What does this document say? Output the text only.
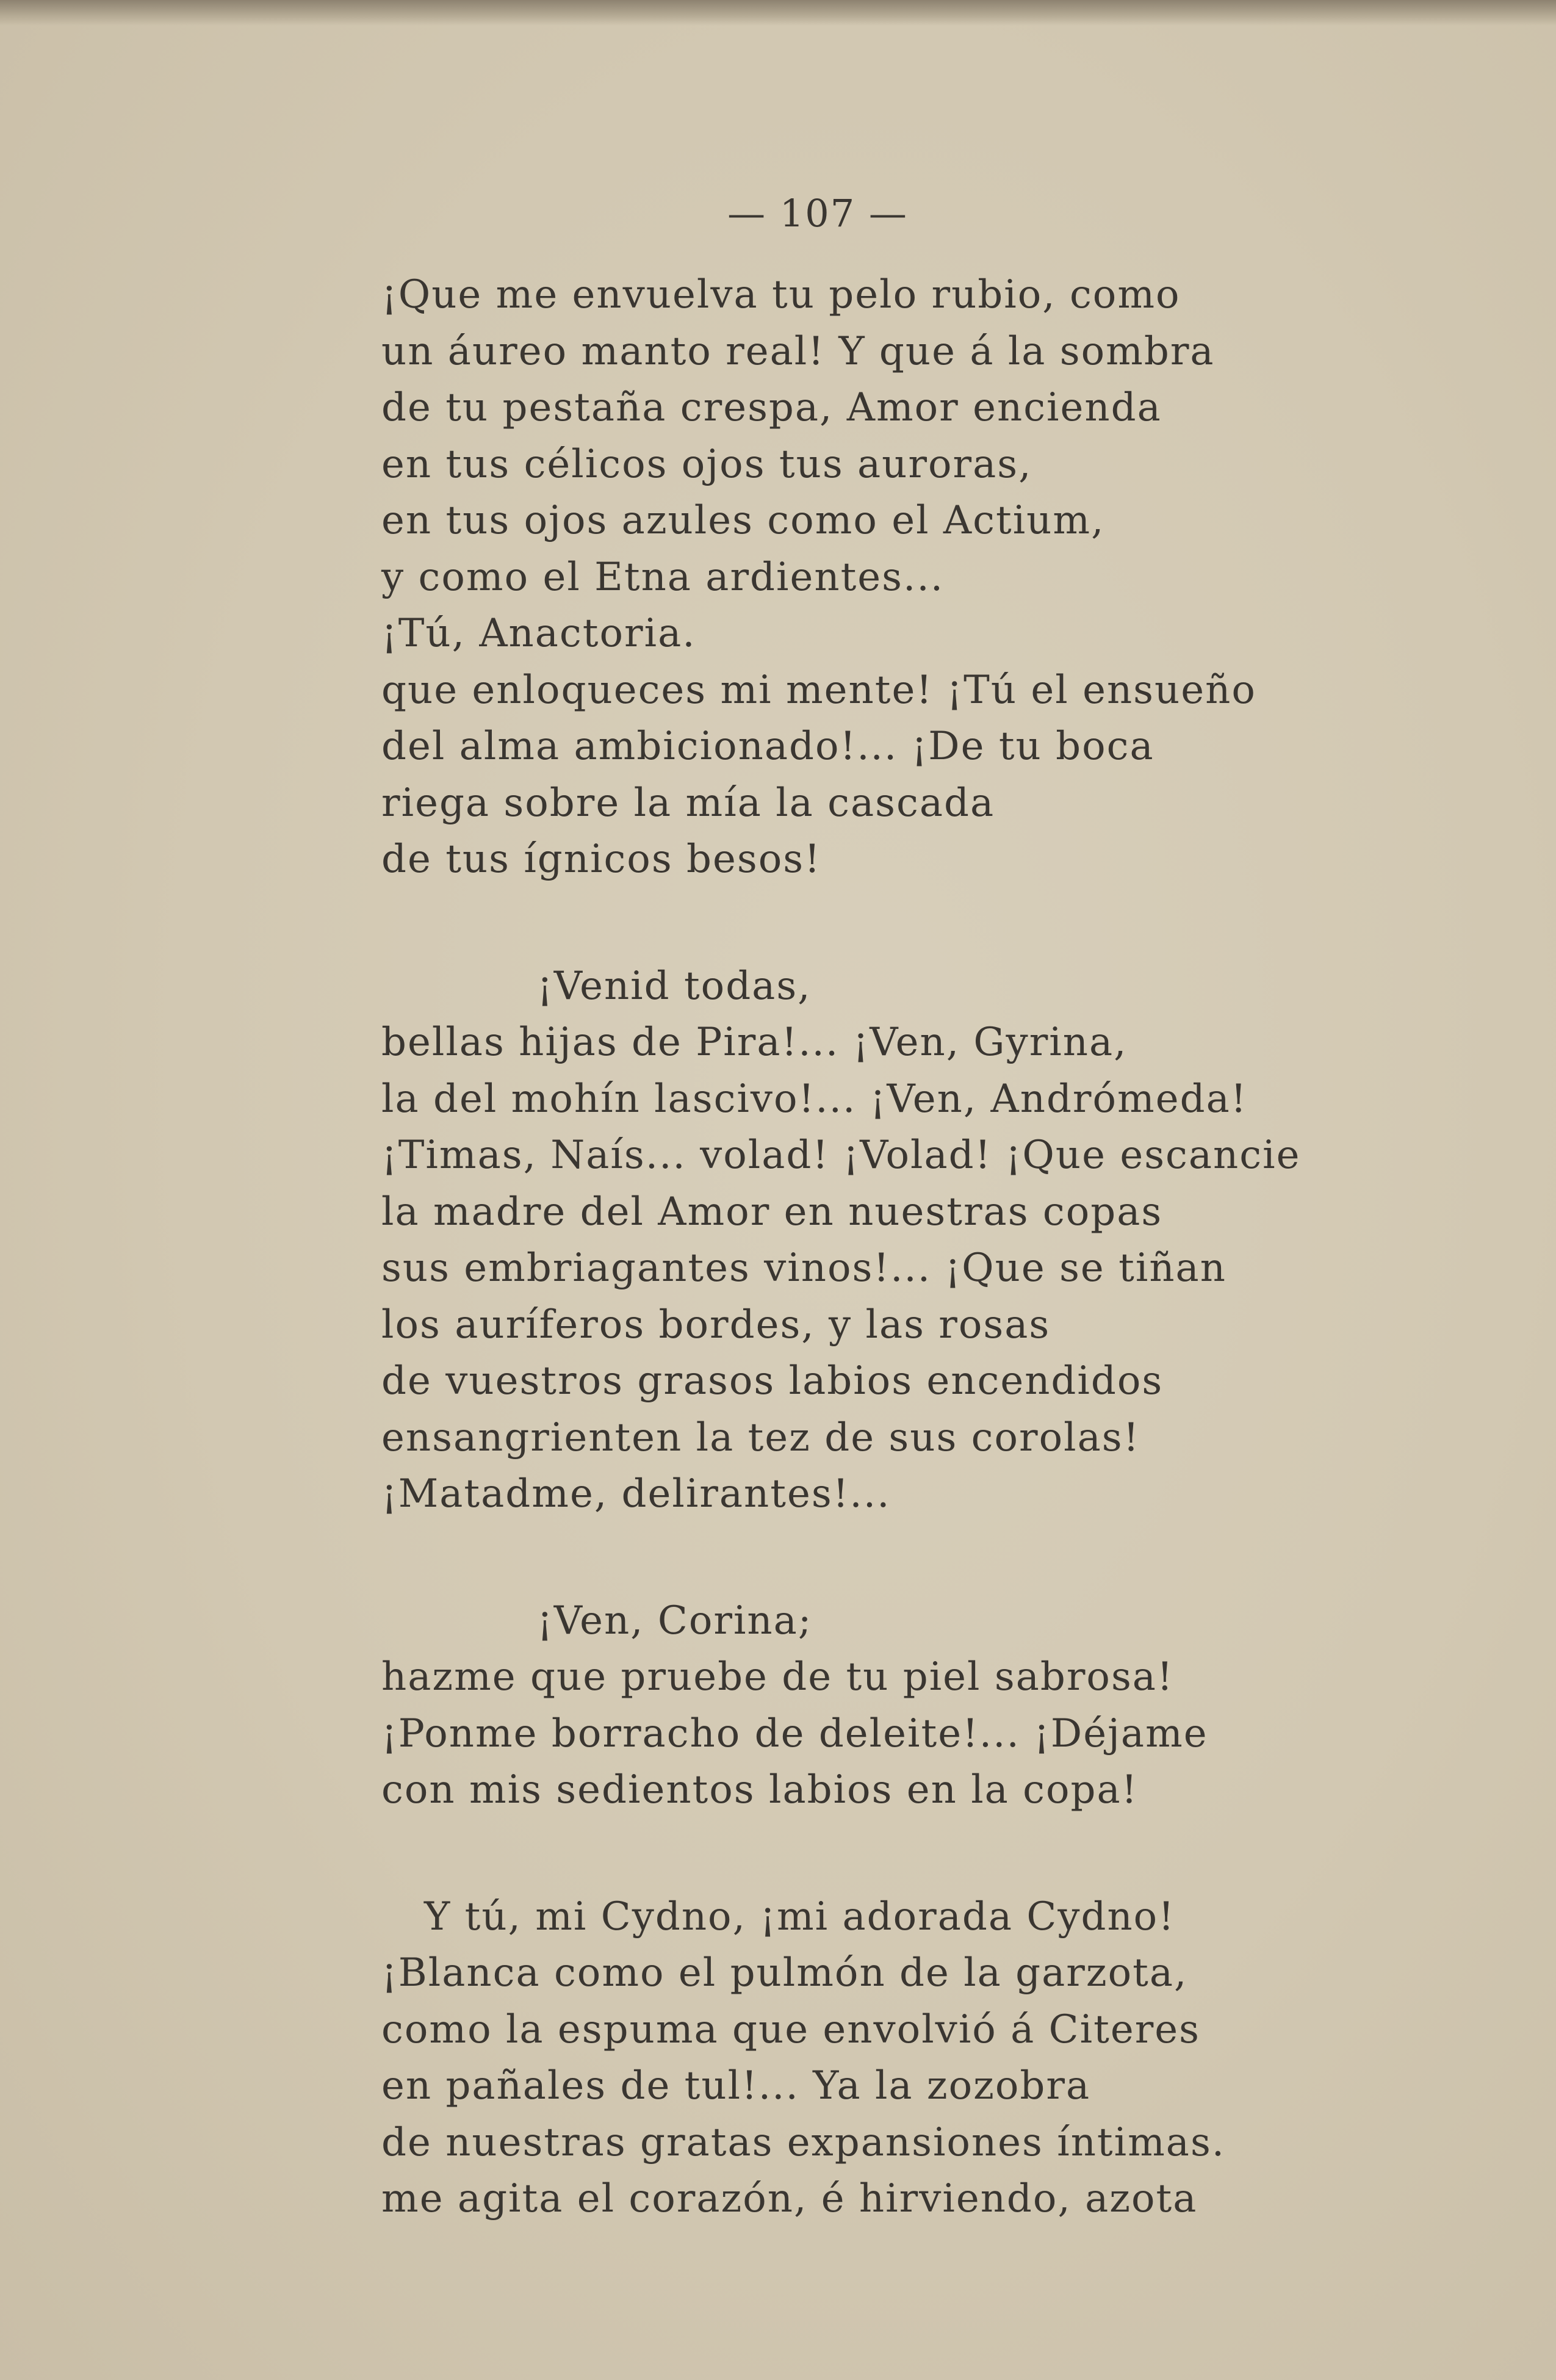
— 107 —
¡Que me envuelva tu pelo rubio, como
un áureo manto real! Y que á la sombra
de tu pestaña crespa, Amor encienda
en tus célicos ojos tus auroras,
en tus ojos azules como el Actium,
y como el Etna ardientes...
¡Tú, Anactoria.
que enloqueces mi mente! ¡Tú el ensueño
del alma ambicionado!... ¡De tu boca
riega sobre la mía la cascada
de tus ígnicos besos!
¡Venid todas,
bellas hijas de Pira!... ¡Ven, Gyrina,
la del mohín lascivo!... ¡Ven, Andrómeda!
¡Timas, Naís... volad! ¡Volad! ¡Que escancie
la madre del Amor en nuestras copas
sus embriagantes vinos!... ¡Que se tiñan
los auríferos bordes, y las rosas
de vuestros grasos labios encendidos
ensangrienten la tez de sus corolas!
¡Matadme, delirantes!...
¡Ven, Corina;
hazme que pruebe de tu piel sabrosa!
¡Ponme borracho de deleite!... ¡Déjame
con mis sedientos labios en la copa!
Y tú, mi Cydno, ¡mi adorada Cydno!
¡Blanca como el pulmón de la garzota,
como la espuma que envolvió á Citeres
en pañales de tul!... Ya la zozobra
de nuestras gratas expansiones íntimas.
me agita el corazón, é hirviendo, azota
